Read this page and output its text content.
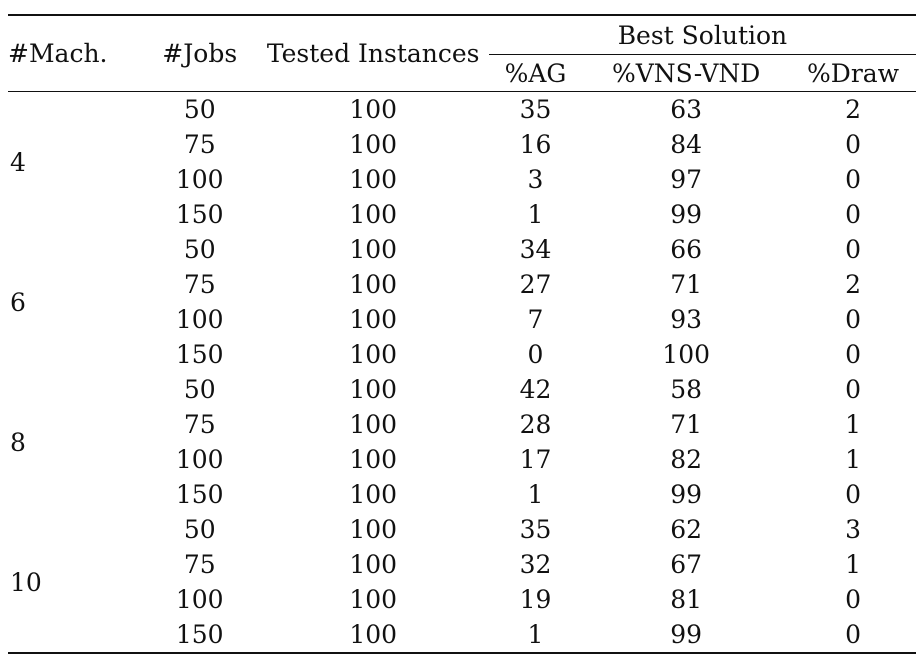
#Mach.	#Jobs	Tested Instances	Best Solution		
			%AG	%VNS-VND	%Draw
4	50	100	35	63	2
	75	100	16	84	0
	100	100	3	97	0
	150	100	1	99	0
6	50	100	34	66	0
	75	100	27	71	2
	100	100	7	93	0
	150	100	0	100	0
8	50	100	42	58	0
	75	100	28	71	1
	100	100	17	82	1
	150	100	1	99	0
10	50	100	35	62	3
	75	100	32	67	1
	100	100	19	81	0
	150	100	1	99	0
